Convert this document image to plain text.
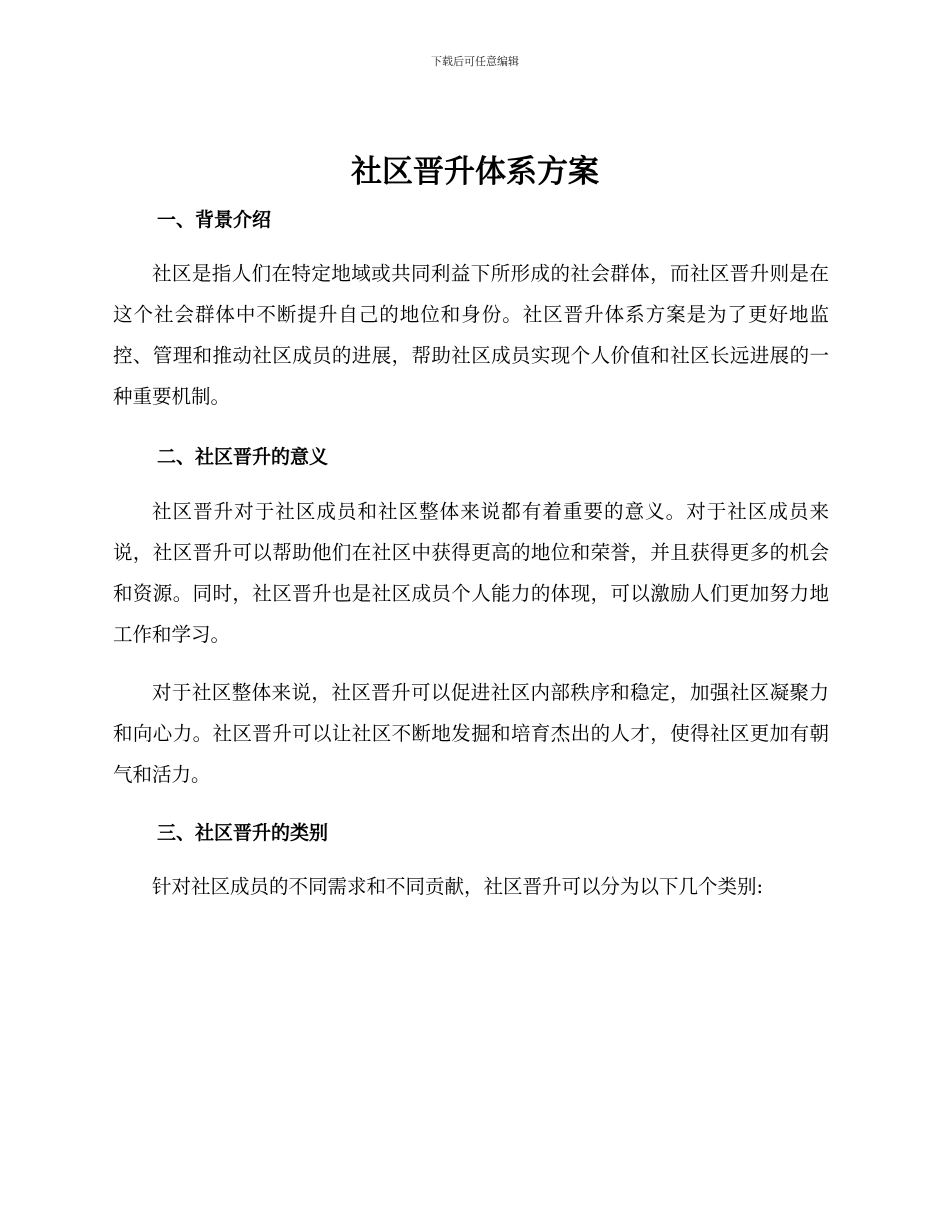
下载后可任意编辑
社区晋升体系方案
一、背景介绍

社区是指人们在特定地域或共同利益下所形成的社会群体，而社区晋升则是在这个社会群体中不断提升自己的地位和身份。社区晋升体系方案是为了更好地监控、管理和推动社区成员的进展，帮助社区成员实现个人价值和社区长远进展的一种重要机制。

二、社区晋升的意义

社区晋升对于社区成员和社区整体来说都有着重要的意义。对于社区成员来说，社区晋升可以帮助他们在社区中获得更高的地位和荣誉，并且获得更多的机会和资源。同时，社区晋升也是社区成员个人能力的体现，可以激励人们更加努力地工作和学习。

对于社区整体来说，社区晋升可以促进社区内部秩序和稳定，加强社区凝聚力和向心力。社区晋升可以让社区不断地发掘和培育杰出的人才，使得社区更加有朝气和活力。

三、社区晋升的类别

针对社区成员的不同需求和不同贡献，社区晋升可以分为以下几个类别:
